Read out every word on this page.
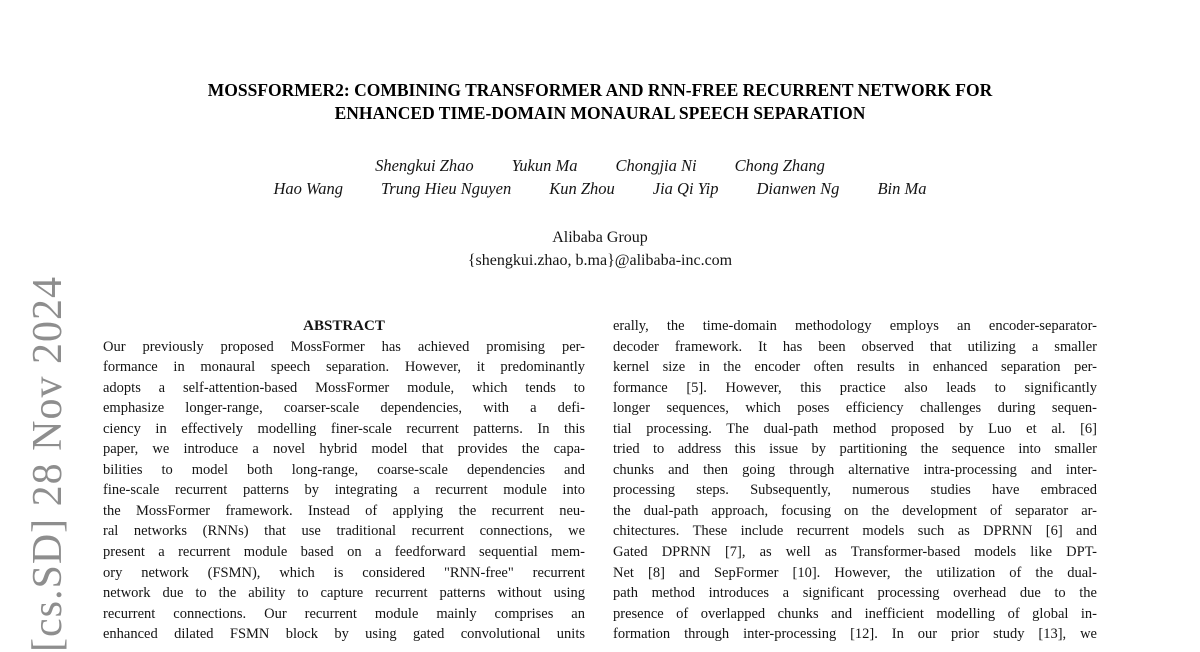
[cs.SD] 28 Nov 2024
MOSSFORMER2: COMBINING TRANSFORMER AND RNN-FREE RECURRENT NETWORK FOR
ENHANCED TIME-DOMAIN MONAURAL SPEECH SEPARATION
Shengkui Zhao Yukun Ma Chongjia Ni Chong Zhang
Hao Wang Trung Hieu Nguyen Kun Zhou Jia Qi Yip Dianwen Ng Bin Ma
Alibaba Group
{shengkui.zhao, b.ma}@alibaba-inc.com
ABSTRACT
Our previously proposed MossFormer has achieved promising per-
formance in monaural speech separation. However, it predominantly
adopts a self-attention-based MossFormer module, which tends to
emphasize longer-range, coarser-scale dependencies, with a defi-
ciency in effectively modelling finer-scale recurrent patterns. In this
paper, we introduce a novel hybrid model that provides the capa-
bilities to model both long-range, coarse-scale dependencies and
fine-scale recurrent patterns by integrating a recurrent module into
the MossFormer framework. Instead of applying the recurrent neu-
ral networks (RNNs) that use traditional recurrent connections, we
present a recurrent module based on a feedforward sequential mem-
ory network (FSMN), which is considered "RNN-free" recurrent
network due to the ability to capture recurrent patterns without using
recurrent connections. Our recurrent module mainly comprises an
enhanced dilated FSMN block by using gated convolutional units
erally, the time-domain methodology employs an encoder-separator-
decoder framework. It has been observed that utilizing a smaller
kernel size in the encoder often results in enhanced separation per-
formance [5]. However, this practice also leads to significantly
longer sequences, which poses efficiency challenges during sequen-
tial processing. The dual-path method proposed by Luo et al. [6]
tried to address this issue by partitioning the sequence into smaller
chunks and then going through alternative intra-processing and inter-
processing steps. Subsequently, numerous studies have embraced
the dual-path approach, focusing on the development of separator ar-
chitectures. These include recurrent models such as DPRNN [6] and
Gated DPRNN [7], as well as Transformer-based models like DPT-
Net [8] and SepFormer [10]. However, the utilization of the dual-
path method introduces a significant processing overhead due to the
presence of overlapped chunks and inefficient modelling of global in-
formation through inter-processing [12]. In our prior study [13], we
